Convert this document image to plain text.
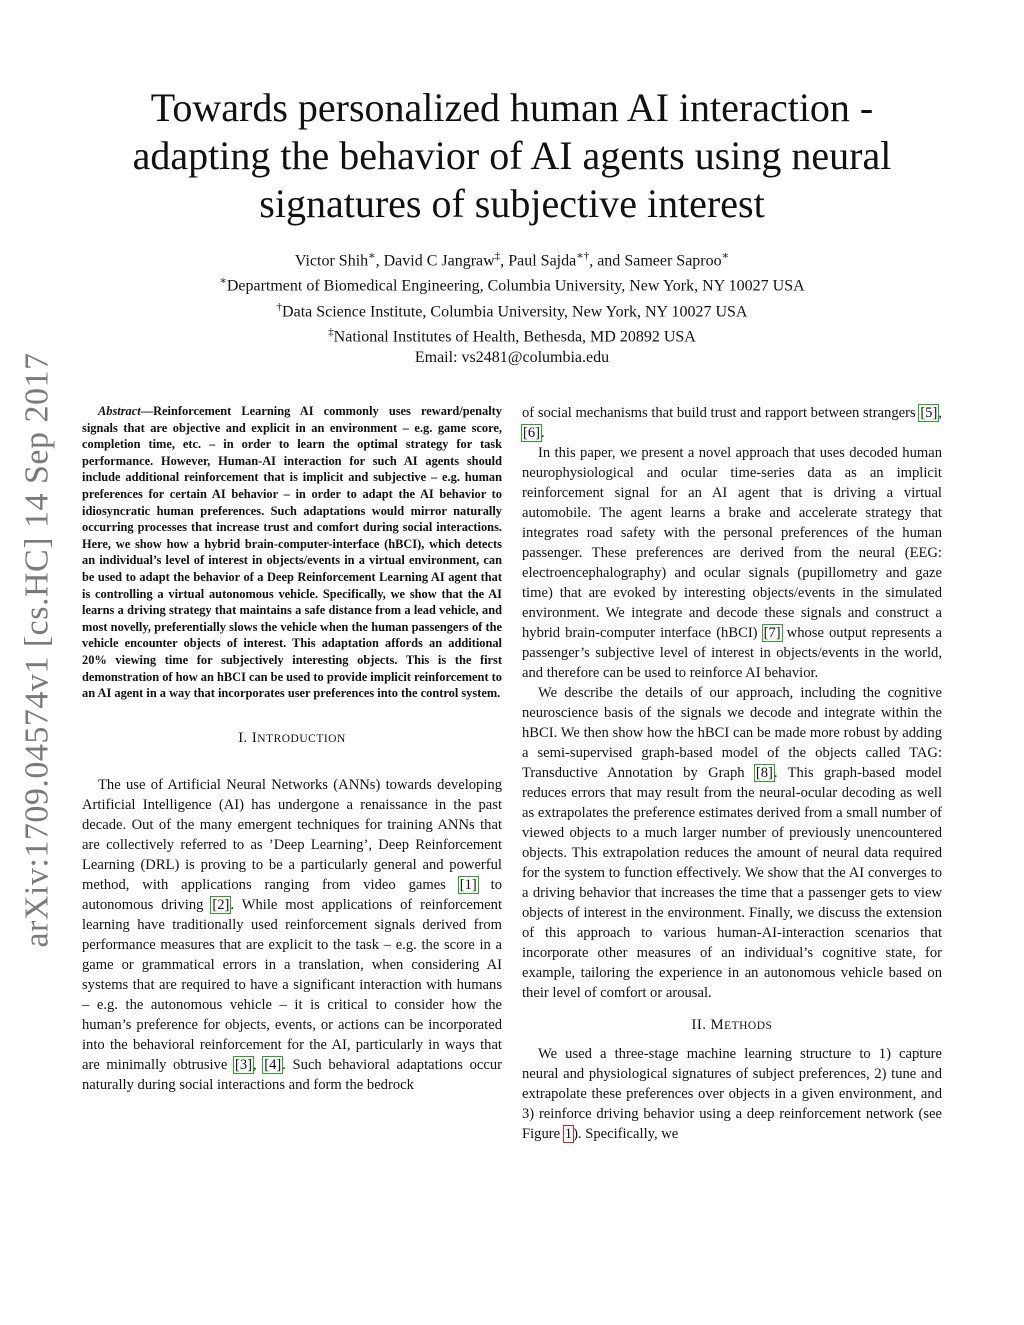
arXiv:1709.04574v1 [cs.HC] 14 Sep 2017
Towards personalized human AI interaction -
adapting the behavior of AI agents using neural
signatures of subjective interest
Victor Shih∗, David C Jangraw‡, Paul Sajda∗†, and Sameer Saproo∗
∗Department of Biomedical Engineering, Columbia University, New York, NY 10027 USA
†Data Science Institute, Columbia University, New York, NY 10027 USA
‡National Institutes of Health, Bethesda, MD 20892 USA
Email: vs2481@columbia.edu

Abstract—Reinforcement Learning AI commonly uses reward/penalty signals that are objective and explicit in an environment – e.g. game score, completion time, etc. – in order to learn the optimal strategy for task performance. However, Human-AI interaction for such AI agents should include additional reinforcement that is implicit and subjective – e.g. human preferences for certain AI behavior – in order to adapt the AI behavior to idiosyncratic human preferences. Such adaptations would mirror naturally occurring processes that increase trust and comfort during social interactions. Here, we show how a hybrid brain-computer-interface (hBCI), which detects an individual’s level of interest in objects/events in a virtual environment, can be used to adapt the behavior of a Deep Reinforcement Learning AI agent that is controlling a virtual autonomous vehicle. Specifically, we show that the AI learns a driving strategy that maintains a safe distance from a lead vehicle, and most novelly, preferentially slows the vehicle when the human passengers of the vehicle encounter objects of interest. This adaptation affords an additional 20% viewing time for subjectively interesting objects. This is the first demonstration of how an hBCI can be used to provide implicit reinforcement to an AI agent in a way that incorporates user preferences into the control system.

I. INTRODUCTION

The use of Artificial Neural Networks (ANNs) towards developing Artificial Intelligence (AI) has undergone a renaissance in the past decade. Out of the many emergent techniques for training ANNs that are collectively referred to as ’Deep Learning’, Deep Reinforcement Learning (DRL) is proving to be a particularly general and powerful method, with applications ranging from video games [1] to autonomous driving [2]. While most applications of reinforcement learning have traditionally used reinforcement signals derived from performance measures that are explicit to the task – e.g. the score in a game or grammatical errors in a translation, when considering AI systems that are required to have a significant interaction with humans – e.g. the autonomous vehicle – it is critical to consider how the human’s preference for objects, events, or actions can be incorporated into the behavioral reinforcement for the AI, particularly in ways that are minimally obtrusive [3], [4]. Such behavioral adaptations occur naturally during social interactions and form the bedrock

of social mechanisms that build trust and rapport between strangers [5], [6].

In this paper, we present a novel approach that uses decoded human neurophysiological and ocular time-series data as an implicit reinforcement signal for an AI agent that is driving a virtual automobile. The agent learns a brake and accelerate strategy that integrates road safety with the personal preferences of the human passenger. These preferences are derived from the neural (EEG: electroencephalography) and ocular signals (pupillometry and gaze time) that are evoked by interesting objects/events in the simulated environment. We integrate and decode these signals and construct a hybrid brain-computer interface (hBCI) [7] whose output represents a passenger’s subjective level of interest in objects/events in the world, and therefore can be used to reinforce AI behavior.

We describe the details of our approach, including the cognitive neuroscience basis of the signals we decode and integrate within the hBCI. We then show how the hBCI can be made more robust by adding a semi-supervised graph-based model of the objects called TAG: Transductive Annotation by Graph [8]. This graph-based model reduces errors that may result from the neural-ocular decoding as well as extrapolates the preference estimates derived from a small number of viewed objects to a much larger number of previously unencountered objects. This extrapolation reduces the amount of neural data required for the system to function effectively. We show that the AI converges to a driving behavior that increases the time that a passenger gets to view objects of interest in the environment. Finally, we discuss the extension of this approach to various human-AI-interaction scenarios that incorporate other measures of an individual’s cognitive state, for example, tailoring the experience in an autonomous vehicle based on their level of comfort or arousal.

II. METHODS

We used a three-stage machine learning structure to 1) capture neural and physiological signatures of subject preferences, 2) tune and extrapolate these preferences over objects in a given environment, and 3) reinforce driving behavior using a deep reinforcement network (see Figure 1). Specifically, we
